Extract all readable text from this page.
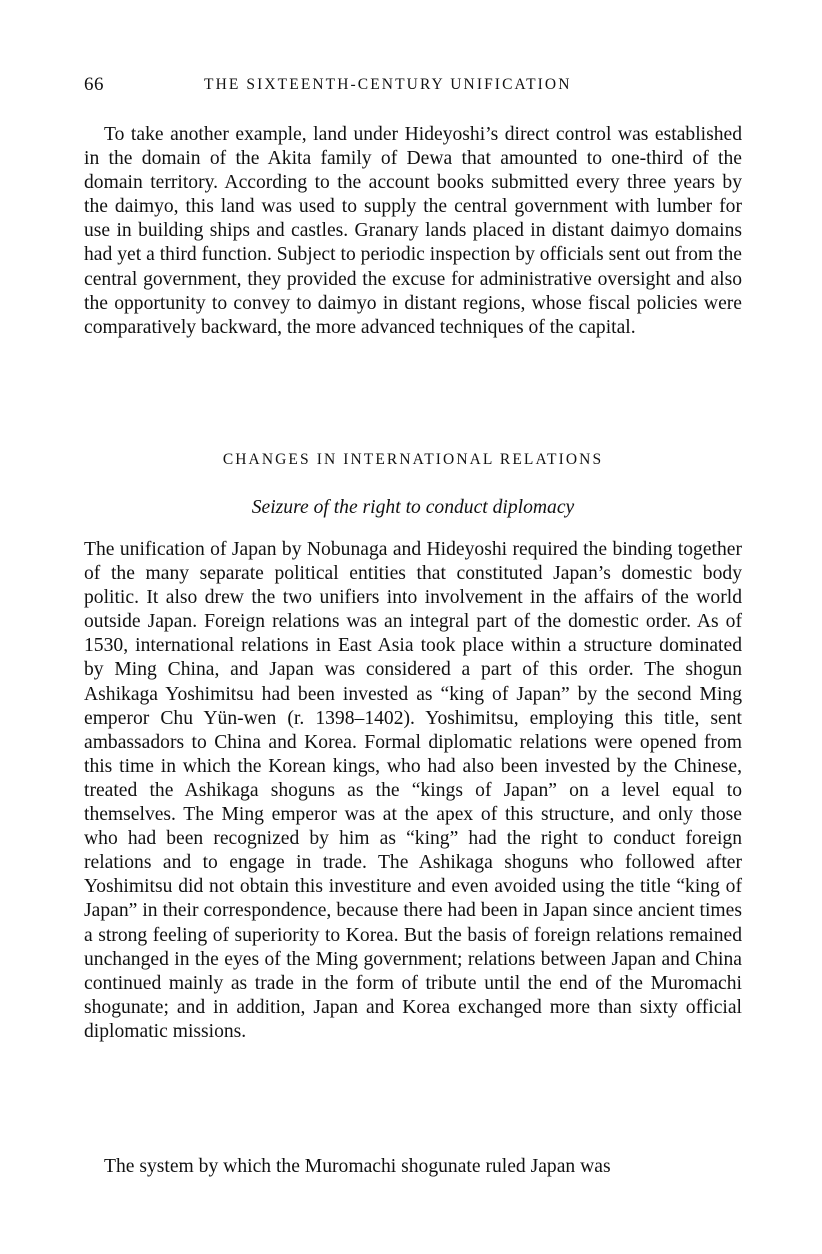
66	THE SIXTEENTH-CENTURY UNIFICATION

To take another example, land under Hideyoshi’s direct control was established in the domain of the Akita family of Dewa that amounted to one-third of the domain territory. According to the account books submitted every three years by the daimyo, this land was used to supply the central government with lumber for use in building ships and castles. Granary lands placed in distant daimyo domains had yet a third function. Subject to periodic inspection by officials sent out from the central government, they provided the excuse for administrative oversight and also the opportunity to convey to daimyo in distant regions, whose fiscal policies were comparatively backward, the more advanced techniques of the capital.

CHANGES IN INTERNATIONAL RELATIONS

Seizure of the right to conduct diplomacy

The unification of Japan by Nobunaga and Hideyoshi required the binding together of the many separate political entities that constituted Japan’s domestic body politic. It also drew the two unifiers into involvement in the affairs of the world outside Japan. Foreign relations was an integral part of the domestic order. As of 1530, international relations in East Asia took place within a structure dominated by Ming China, and Japan was considered a part of this order. The shogun Ashikaga Yoshimitsu had been invested as “king of Japan” by the second Ming emperor Chu Yün-wen (r. 1398–1402). Yoshimitsu, employing this title, sent ambassadors to China and Korea. Formal diplomatic relations were opened from this time in which the Korean kings, who had also been invested by the Chinese, treated the Ashikaga shoguns as the “kings of Japan” on a level equal to themselves. The Ming emperor was at the apex of this structure, and only those who had been recognized by him as “king” had the right to conduct foreign relations and to engage in trade. The Ashikaga shoguns who followed after Yoshimitsu did not obtain this investiture and even avoided using the title “king of Japan” in their correspondence, because there had been in Japan since ancient times a strong feeling of superiority to Korea. But the basis of foreign relations remained unchanged in the eyes of the Ming government; relations between Japan and China continued mainly as trade in the form of tribute until the end of the Muromachi shogunate; and in addition, Japan and Korea exchanged more than sixty official diplomatic missions.

The system by which the Muromachi shogunate ruled Japan was
